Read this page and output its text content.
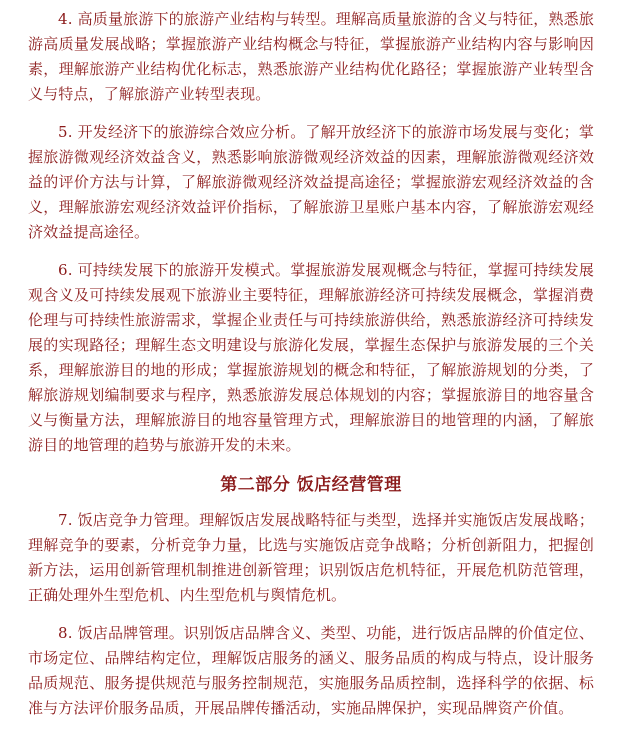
4. 高质量旅游下的旅游产业结构与转型。理解高质量旅游的含义与特征，熟悉旅游高质量发展战略；掌握旅游产业结构概念与特征，掌握旅游产业结构内容与影响因素，理解旅游产业结构优化标志，熟悉旅游产业结构优化路径；掌握旅游产业转型含义与特点，了解旅游产业转型表现。

5. 开发经济下的旅游综合效应分析。了解开放经济下的旅游市场发展与变化；掌握旅游微观经济效益含义，熟悉影响旅游微观经济效益的因素，理解旅游微观经济效益的评价方法与计算，了解旅游微观经济效益提高途径；掌握旅游宏观经济效益的含义，理解旅游宏观经济效益评价指标，了解旅游卫星账户基本内容，了解旅游宏观经济效益提高途径。

6. 可持续发展下的旅游开发模式。掌握旅游发展观概念与特征，掌握可持续发展观含义及可持续发展观下旅游业主要特征，理解旅游经济可持续发展概念，掌握消费伦理与可持续性旅游需求，掌握企业责任与可持续旅游供给，熟悉旅游经济可持续发展的实现路径；理解生态文明建设与旅游化发展，掌握生态保护与旅游发展的三个关系，理解旅游目的地的形成；掌握旅游规划的概念和特征，了解旅游规划的分类，了解旅游规划编制要求与程序，熟悉旅游发展总体规划的内容；掌握旅游目的地容量含义与衡量方法，理解旅游目的地容量管理方式，理解旅游目的地管理的内涵，了解旅游目的地管理的趋势与旅游开发的未来。

第二部分 饭店经营管理

7. 饭店竞争力管理。理解饭店发展战略特征与类型，选择并实施饭店发展战略；理解竞争的要素，分析竞争力量，比选与实施饭店竞争战略；分析创新阻力，把握创新方法，运用创新管理机制推进创新管理；识别饭店危机特征，开展危机防范管理，正确处理外生型危机、内生型危机与舆情危机。

8. 饭店品牌管理。识别饭店品牌含义、类型、功能，进行饭店品牌的价值定位、市场定位、品牌结构定位，理解饭店服务的涵义、服务品质的构成与特点，设计服务品质规范、服务提供规范与服务控制规范，实施服务品质控制，选择科学的依据、标准与方法评价服务品质，开展品牌传播活动，实施品牌保护，实现品牌资产价值。
